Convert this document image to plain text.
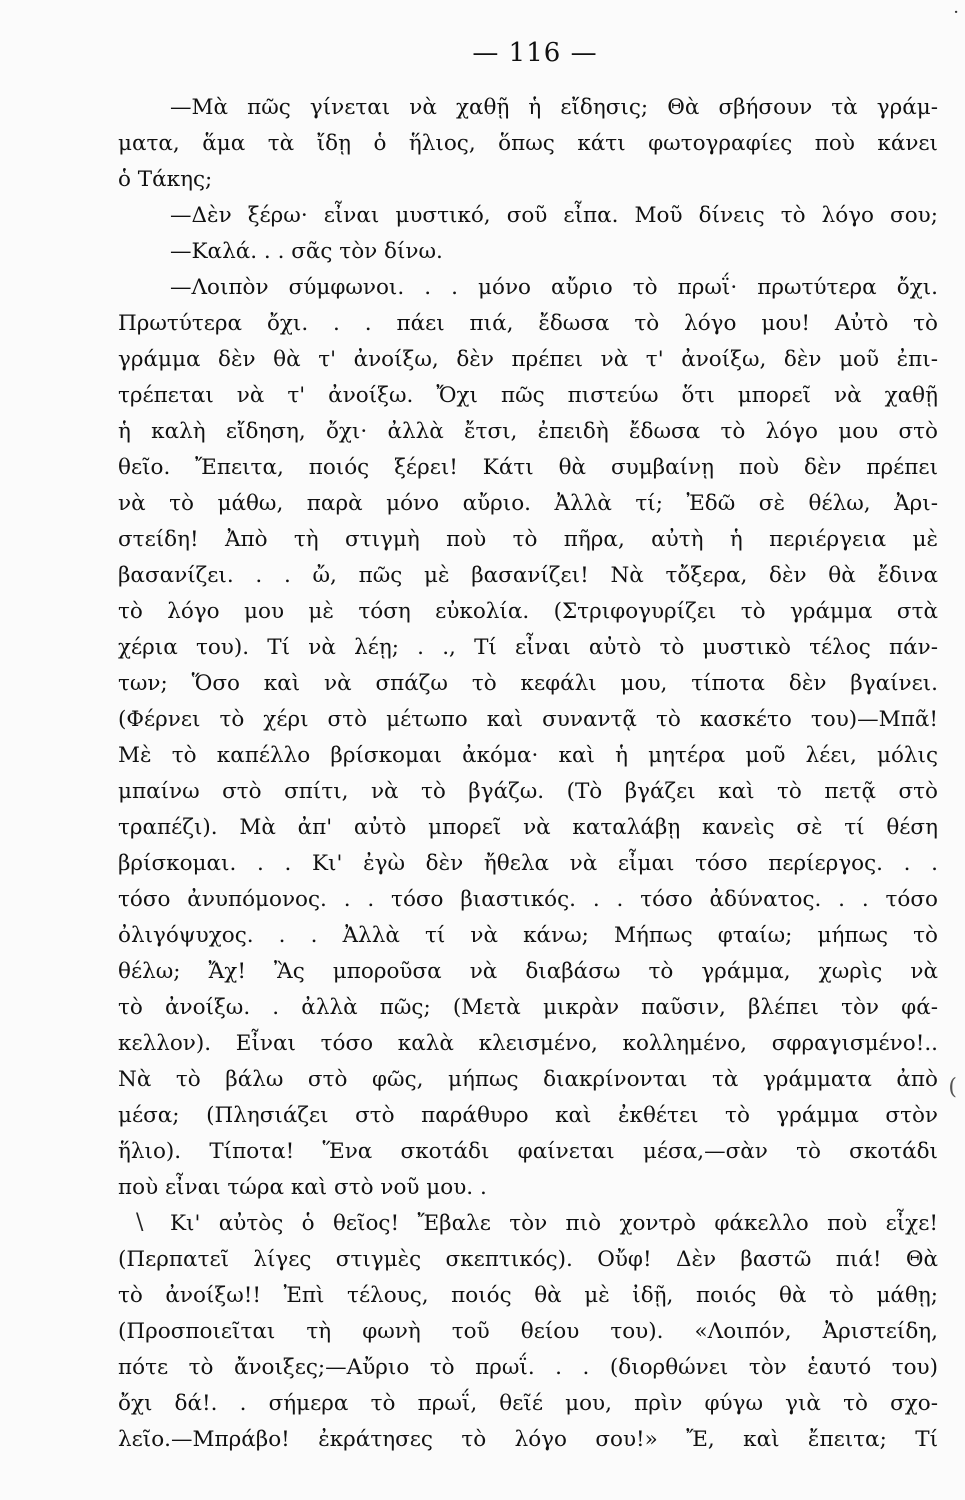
·
— 116 —
—Μὰ πῶς γίνεται νὰ χαθῇ ἡ εἴδησις; Θὰ σβήσουν τὰ γράμ-
ματα, ἅμα τὰ ἴδῃ ὁ ἥλιος, ὅπως κάτι φωτογραφίες ποὺ κάνει
ὁ Τάκης;
—Δὲν ξέρω· εἶναι μυστικό, σοῦ εἶπα. Μοῦ δίνεις τὸ λόγο σου;
—Καλά. . . σᾶς τὸν δίνω.
—Λοιπὸν σύμφωνοι. . . μόνο αὔριο τὸ πρωΐ· πρωτύτερα ὄχι.
Πρωτύτερα ὄχι. . . πάει πιά, ἔδωσα τὸ λόγο μου! Αὐτὸ τὸ
γράμμα δὲν θὰ τ' ἀνοίξω, δὲν πρέπει νὰ τ' ἀνοίξω, δὲν μοῦ ἐπι-
τρέπεται νὰ τ' ἀνοίξω. Ὄχι πῶς πιστεύω ὅτι μπορεῖ νὰ χαθῇ
ἡ καλὴ εἴδηση, ὄχι· ἀλλὰ ἔτσι, ἐπειδὴ ἔδωσα τὸ λόγο μου στὸ
θεῖο. Ἔπειτα, ποιός ξέρει! Κάτι θὰ συμβαίνῃ ποὺ δὲν πρέπει
νὰ τὸ μάθω, παρὰ μόνο αὔριο. Ἀλλὰ τί; Ἐδῶ σὲ θέλω, Ἀρι-
στείδη! Ἀπὸ τὴ στιγμὴ ποὺ τὸ πῆρα, αὐτὴ ἡ περιέργεια μὲ
βασανίζει. . . ὤ, πῶς μὲ βασανίζει! Νὰ τὄξερα, δὲν θὰ ἔδινα
τὸ λόγο μου μὲ τόση εὐκολία. (Στριφογυρίζει τὸ γράμμα στὰ
χέρια του). Τί νὰ λέῃ; . ., Τί εἶναι αὐτὸ τὸ μυστικὸ τέλος πάν-
των; Ὅσο καὶ νὰ σπάζω τὸ κεφάλι μου, τίποτα δὲν βγαίνει.
(Φέρνει τὸ χέρι στὸ μέτωπο καὶ συναντᾷ τὸ κασκέτο του)—Μπᾶ!
Μὲ τὸ καπέλλο βρίσκομαι ἀκόμα· καὶ ἡ μητέρα μοῦ λέει, μόλις
μπαίνω στὸ σπίτι, νὰ τὸ βγάζω. (Τὸ βγάζει καὶ τὸ πετᾷ στὸ
τραπέζι). Μὰ ἀπ' αὐτὸ μπορεῖ νὰ καταλάβῃ κανεὶς σὲ τί θέση
βρίσκομαι. . . Κι' ἐγὼ δὲν ἤθελα νὰ εἶμαι τόσο περίεργος. . .
τόσο ἀνυπόμονος. . . τόσο βιαστικός. . . τόσο ἀδύνατος. . . τόσο
ὀλιγόψυχος. . . Ἀλλὰ τί νὰ κάνω; Μήπως φταίω; μήπως τὸ
θέλω; Ἄχ! Ἂς μποροῦσα νὰ διαβάσω τὸ γράμμα, χωρὶς νὰ
τὸ ἀνοίξω. . ἀλλὰ πῶς; (Μετὰ μικρὰν παῦσιν, βλέπει τὸν φά-
κελλον). Εἶναι τόσο καλὰ κλεισμένο, κολλημένο, σφραγισμένο!..
Νὰ τὸ βάλω στὸ φῶς, μήπως διακρίνονται τὰ γράμματα ἀπὸ
μέσα; (Πλησιάζει στὸ παράθυρο καὶ ἐκθέτει τὸ γράμμα στὸν
ἥλιο). Τίποτα! Ἕνα σκοτάδι φαίνεται μέσα,—σὰν τὸ σκοτάδι
ποὺ εἶναι τώρα καὶ στὸ νοῦ μου. .
Κι' αὐτὸς ὁ θεῖος! Ἔβαλε τὸν πιὸ χοντρὸ φάκελλο ποὺ εἶχε!
(Περπατεῖ λίγες στιγμὲς σκεπτικός). Οὔφ! Δὲν βαστῶ πιά! Θὰ
τὸ ἀνοίξω!! Ἐπὶ τέλους, ποιός θὰ μὲ ἰδῇ, ποιός θὰ τὸ μάθῃ;
(Προσποιεῖται τὴ φωνὴ τοῦ θείου του). «Λοιπόν, Ἀριστείδη,
πότε τὸ ἄνοιξες;—Αὔριο τὸ πρωΐ. . . (διορθώνει τὸν ἑαυτό του)
ὄχι δά!. . σήμερα τὸ πρωΐ, θεῖέ μου, πρὶν φύγω γιὰ τὸ σχο-
λεῖο.—Μπράβο! ἐκράτησες τὸ λόγο σου!» Ἔ, καὶ ἔπειτα; Τί
\
(
